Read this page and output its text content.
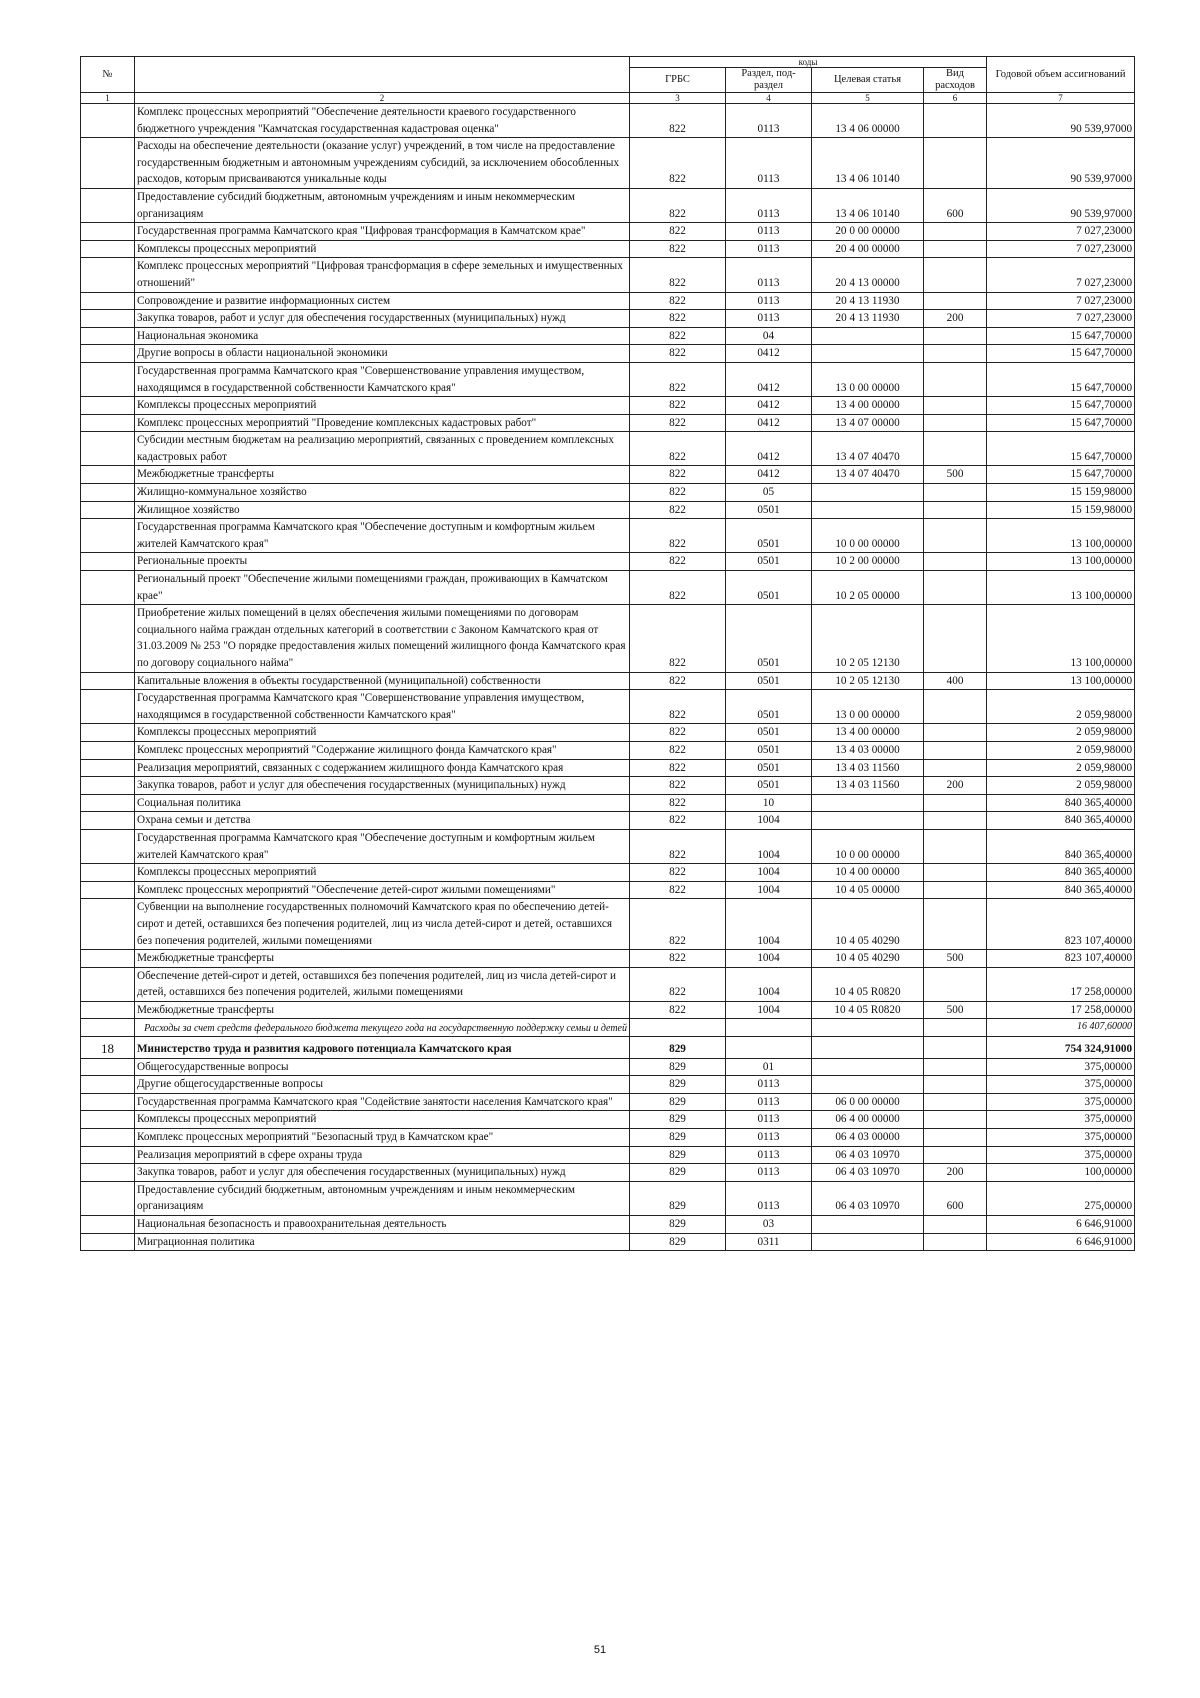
№		коды				Годовой объем ассигнований
		ГРБС	Раздел, под-раздел	Целевая статья	Вид расходов	
1	2	3	4	5	6	7
	Комплекс процессных мероприятий "Обеспечение деятельности краевого государственного бюджетного учреждения "Камчатская государственная кадастровая оценка"	822	0113	13 4 06 00000		90 539,97000
	Расходы на обеспечение деятельности (оказание услуг) учреждений, в том числе на предоставление государственным бюджетным и автономным учреждениям субсидий, за исключением обособленных расходов, которым присваиваются уникальные коды	822	0113	13 4 06 10140		90 539,97000
	Предоставление субсидий бюджетным, автономным учреждениям и иным некоммерческим организациям	822	0113	13 4 06 10140	600	90 539,97000
	Государственная программа Камчатского края "Цифровая трансформация в Камчатском крае"	822	0113	20 0 00 00000		7 027,23000
	Комплексы процессных мероприятий	822	0113	20 4 00 00000		7 027,23000
	Комплекс процессных мероприятий "Цифровая трансформация в сфере земельных и имущественных отношений"	822	0113	20 4 13 00000		7 027,23000
	Сопровождение и развитие информационных систем	822	0113	20 4 13 11930		7 027,23000
	Закупка товаров, работ и услуг для обеспечения государственных (муниципальных) нужд	822	0113	20 4 13 11930	200	7 027,23000
	Национальная экономика	822	04			15 647,70000
	Другие вопросы в области национальной экономики	822	0412			15 647,70000
	Государственная программа Камчатского края "Совершенствование управления имуществом, находящимся в государственной собственности Камчатского края"	822	0412	13 0 00 00000		15 647,70000
	Комплексы процессных мероприятий	822	0412	13 4 00 00000		15 647,70000
	Комплекс процессных мероприятий "Проведение комплексных кадастровых работ"	822	0412	13 4 07 00000		15 647,70000
	Субсидии местным бюджетам на реализацию мероприятий, связанных с проведением комплексных кадастровых работ	822	0412	13 4 07 40470		15 647,70000
	Межбюджетные трансферты	822	0412	13 4 07 40470	500	15 647,70000
	Жилищно-коммунальное хозяйство	822	05			15 159,98000
	Жилищное хозяйство	822	0501			15 159,98000
	Государственная программа Камчатского края "Обеспечение доступным и комфортным жильем жителей Камчатского края"	822	0501	10 0 00 00000		13 100,00000
	Региональные проекты	822	0501	10 2 00 00000		13 100,00000
	Региональный проект "Обеспечение жилыми помещениями граждан, проживающих в Камчатском крае"	822	0501	10 2 05 00000		13 100,00000
	Приобретение жилых помещений в целях обеспечения жилыми помещениями по договорам социального найма граждан отдельных категорий в соответствии с Законом Камчатского края от 31.03.2009 № 253 "О порядке предоставления жилых помещений жилищного фонда Камчатского края по договору социального найма"	822	0501	10 2 05 12130		13 100,00000
	Капитальные вложения в объекты государственной (муниципальной) собственности	822	0501	10 2 05 12130	400	13 100,00000
	Государственная программа Камчатского края "Совершенствование управления имуществом, находящимся в государственной собственности Камчатского края"	822	0501	13 0 00 00000		2 059,98000
	Комплексы процессных мероприятий	822	0501	13 4 00 00000		2 059,98000
	Комплекс процессных мероприятий "Содержание жилищного фонда Камчатского края"	822	0501	13 4 03 00000		2 059,98000
	Реализация мероприятий, связанных с содержанием жилищного фонда Камчатского края	822	0501	13 4 03 11560		2 059,98000
	Закупка товаров, работ и услуг для обеспечения государственных (муниципальных) нужд	822	0501	13 4 03 11560	200	2 059,98000
	Социальная политика	822	10			840 365,40000
	Охрана семьи и детства	822	1004			840 365,40000
	Государственная программа Камчатского края "Обеспечение доступным и комфортным жильем жителей Камчатского края"	822	1004	10 0 00 00000		840 365,40000
	Комплексы процессных мероприятий	822	1004	10 4 00 00000		840 365,40000
	Комплекс процессных мероприятий "Обеспечение детей-сирот жилыми помещениями"	822	1004	10 4 05 00000		840 365,40000
	Субвенции на выполнение государственных полномочий Камчатского края по обеспечению детей-сирот и детей, оставшихся без попечения родителей, лиц из числа детей-сирот и детей, оставшихся без попечения родителей, жилыми помещениями	822	1004	10 4 05 40290		823 107,40000
	Межбюджетные трансферты	822	1004	10 4 05 40290	500	823 107,40000
	Обеспечение детей-сирот и детей, оставшихся без попечения родителей, лиц из числа детей-сирот и детей, оставшихся без попечения родителей, жилыми помещениями	822	1004	10 4 05 R0820		17 258,00000
	Межбюджетные трансферты	822	1004	10 4 05 R0820	500	17 258,00000
	Расходы за счет средств федерального бюджета текущего года на государственную поддержку семьи и детей					16 407,60000
18	Министерство труда и развития кадрового потенциала Камчатского края	829				754 324,91000
	Общегосударственные вопросы	829	01			375,00000
	Другие общегосударственные вопросы	829	0113			375,00000
	Государственная программа Камчатского края "Содействие занятости населения Камчатского края"	829	0113	06 0 00 00000		375,00000
	Комплексы процессных мероприятий	829	0113	06 4 00 00000		375,00000
	Комплекс процессных мероприятий "Безопасный труд в Камчатском крае"	829	0113	06 4 03 00000		375,00000
	Реализация мероприятий в сфере охраны труда	829	0113	06 4 03 10970		375,00000
	Закупка товаров, работ и услуг для обеспечения государственных (муниципальных) нужд	829	0113	06 4 03 10970	200	100,00000
	Предоставление субсидий бюджетным, автономным учреждениям и иным некоммерческим организациям	829	0113	06 4 03 10970	600	275,00000
	Национальная безопасность и правоохранительная деятельность	829	03			6 646,91000
	Миграционная политика	829	0311			6 646,91000
51
